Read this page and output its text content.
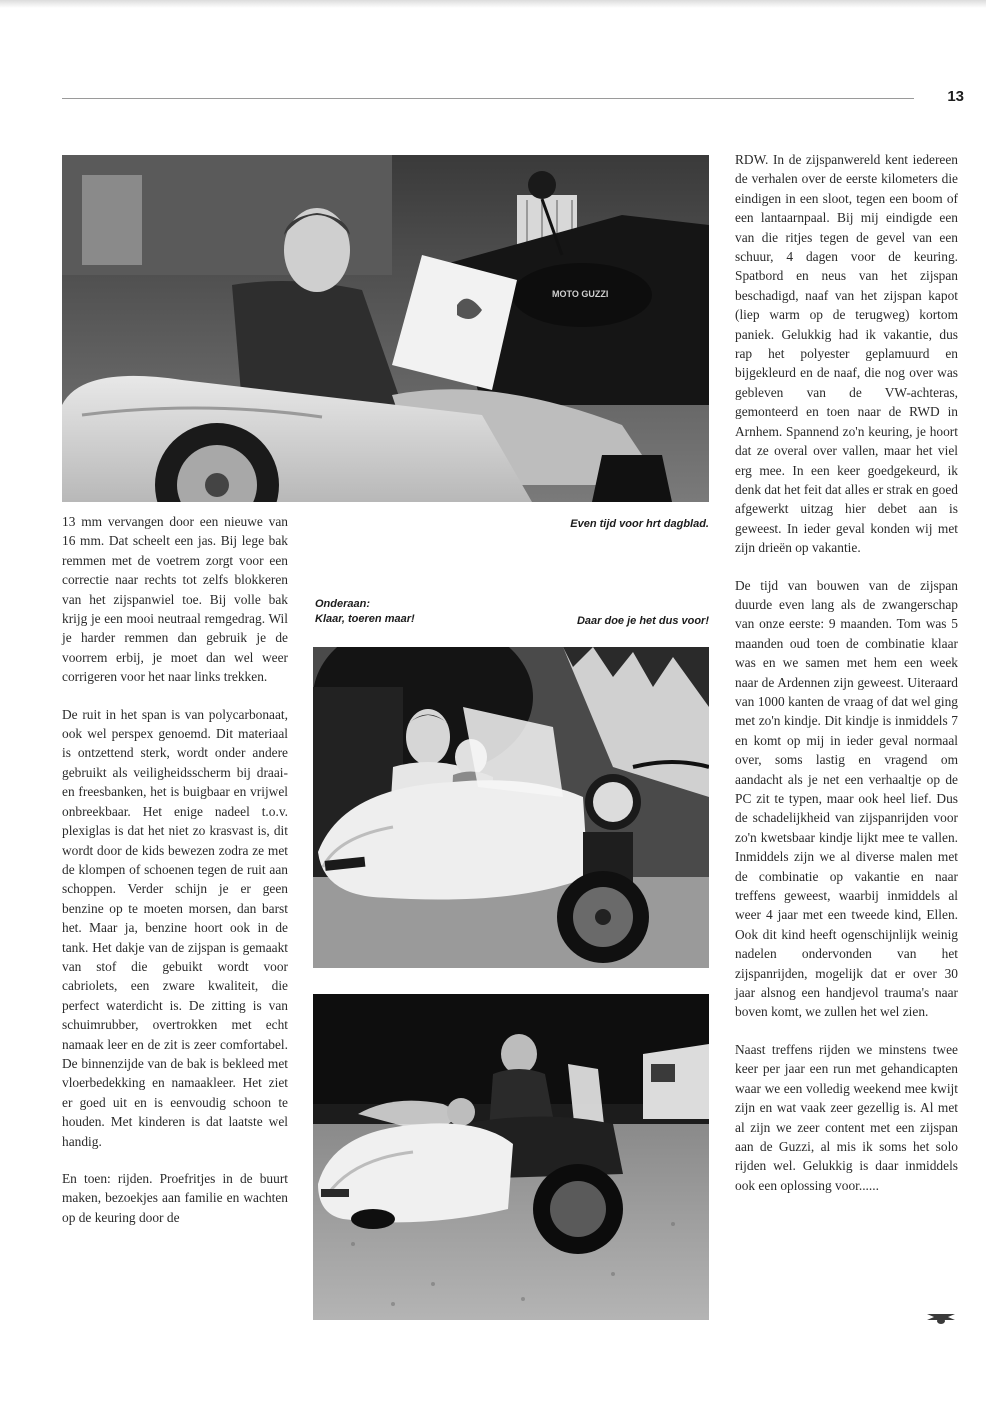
13
MOTO GUZZI
Even tijd voor hrt dagblad.
Onderaan:
Klaar, toeren maar!	Daar doe je het dus voor!

13 mm vervangen door een nieuwe van 16 mm. Dat scheelt een jas. Bij lege bak remmen met de voetrem zorgt voor een correctie naar rechts tot zelfs blokkeren van het zijspanwiel toe. Bij volle bak krijg je een mooi neutraal remgedrag. Wil je harder remmen dan gebruik je de voorrem erbij, je moet dan wel weer corrigeren voor het naar links trekken.

De ruit in het span is van polycarbonaat, ook wel perspex genoemd. Dit materiaal is ontzettend sterk, wordt onder andere gebruikt als veiligheidsscherm bij draai- en freesbanken, het is buigbaar en vrijwel onbreekbaar. Het enige nadeel t.o.v. plexiglas is dat het niet zo krasvast is, dit wordt door de kids bewezen zodra ze met de klompen of schoenen tegen de ruit aan schoppen. Verder schijn je er geen benzine op te moeten morsen, dan barst het. Maar ja, benzine hoort ook in de tank. Het dakje van de zijspan is gemaakt van stof die gebuikt wordt voor cabriolets, een zware kwaliteit, die perfect waterdicht is. De zitting is van schuimrubber, overtrokken met echt namaak leer en de zit is zeer comfortabel. De binnenzijde van de bak is bekleed met vloerbedekking en namaakleer. Het ziet er goed uit en is eenvoudig schoon te houden. Met kinderen is dat laatste wel handig.

En toen: rijden. Proefritjes in de buurt maken, bezoekjes aan familie en wachten op de keuring door de

RDW. In de zijspanwereld kent iedereen de verhalen over de eerste kilometers die eindigen in een sloot, tegen een boom of een lantaarnpaal. Bij mij eindigde een van die ritjes tegen de gevel van een schuur, 4 dagen voor de keuring. Spatbord en neus van het zijspan beschadigd, naaf van het zijspan kapot (liep warm op de terugweg) kortom paniek. Gelukkig had ik vakantie, dus rap het polyester geplamuurd en bijgekleurd en de naaf, die nog over was gebleven van de VW-achteras, gemonteerd en toen naar de RWD in Arnhem. Spannend zo'n keuring, je hoort dat ze overal over vallen, maar het viel erg mee. In een keer goedgekeurd, ik denk dat het feit dat alles er strak en goed afgewerkt uitzag hier debet aan is geweest. In ieder geval konden wij met zijn drieën op vakantie.

De tijd van bouwen van de zijspan duurde even lang als de zwangerschap van onze eerste: 9 maanden. Tom was 5 maanden oud toen de combinatie klaar was en we samen met hem een week naar de Ardennen zijn geweest. Uiteraard van 1000 kanten de vraag of dat wel ging met zo'n kindje. Dit kindje is inmiddels 7 en komt op mij in ieder geval normaal over, soms lastig en vragend om aandacht als je net een verhaaltje op de PC zit te typen, maar ook heel lief. Dus de schadelijkheid van zijspanrijden voor zo'n kwetsbaar kindje lijkt mee te vallen. Inmiddels zijn we al diverse malen met de combinatie op vakantie en naar treffens geweest, waarbij inmiddels al weer 4 jaar met een tweede kind, Ellen. Ook dit kind heeft ogenschijnlijk weinig nadelen ondervonden van het zijspanrijden, mogelijk dat er over 30 jaar alsnog een handjevol trauma's naar boven komt, we zullen het wel zien.

Naast treffens rijden we minstens twee keer per jaar een run met gehandicapten waar we een volledig weekend mee kwijt zijn en wat vaak zeer gezellig is. Al met al zijn we zeer content met een zijspan aan de Guzzi, al mis ik soms het solo rijden wel. Gelukkig is daar inmiddels ook een oplossing voor......
